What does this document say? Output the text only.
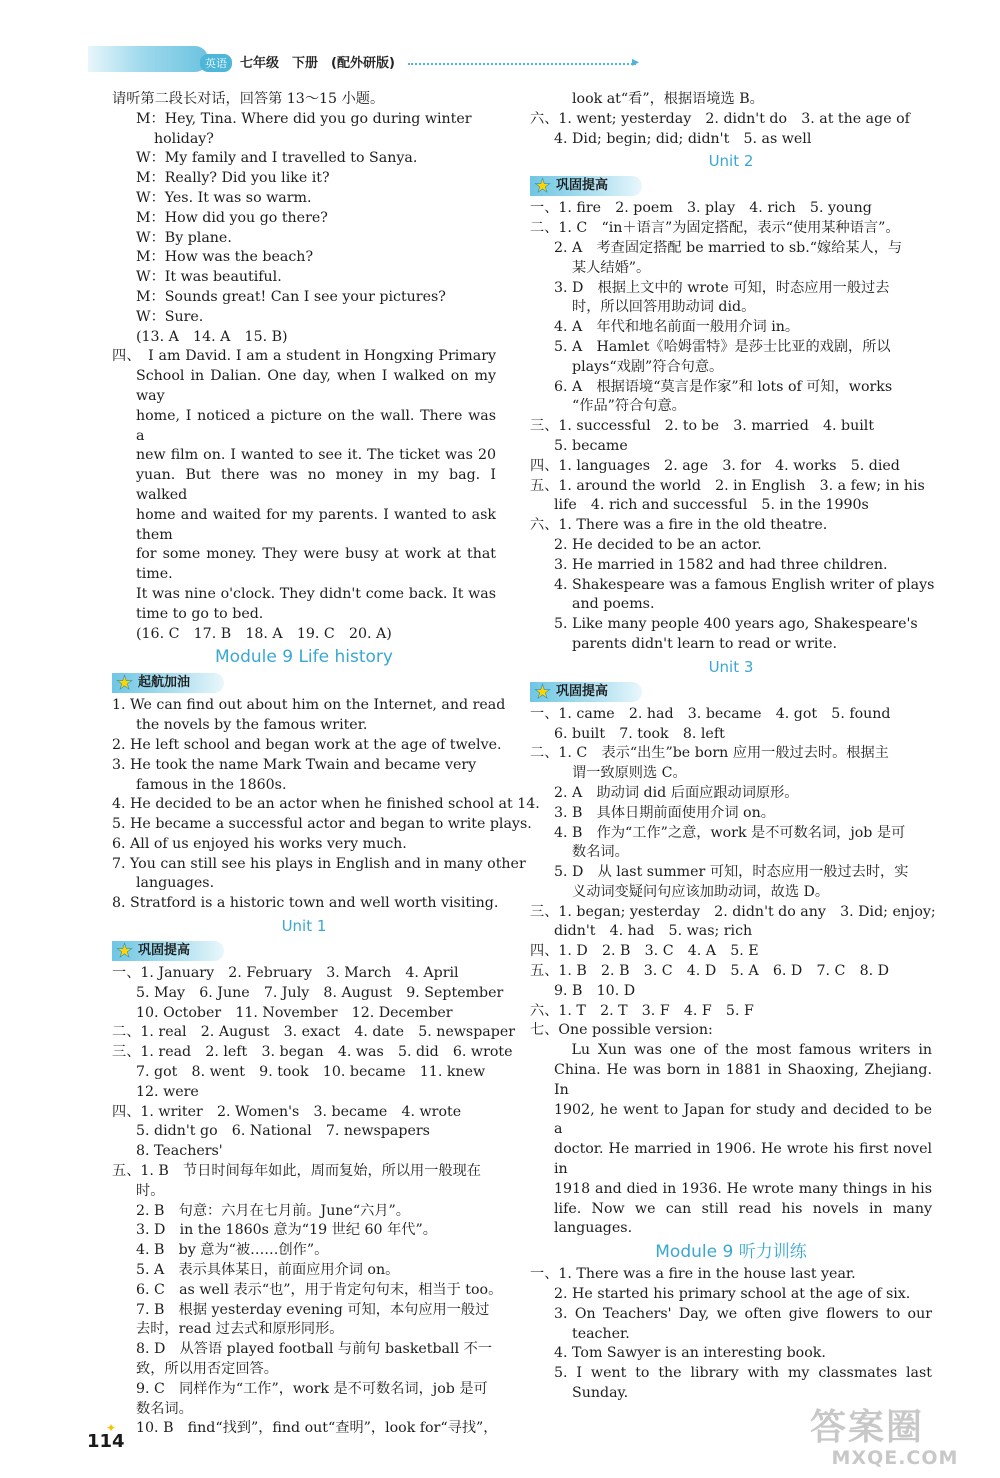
英语	七年级　下册　(配外研版)	▸
请听第二段长对话，回答第 13～15 小题。
M：Hey, Tina. Where did you go during winter
holiday?
W：My family and I travelled to Sanya.
M：Really? Did you like it?
W：Yes. It was so warm.
M：How did you go there?
W：By plane.
M：How was the beach?
W：It was beautiful.
M：Sounds great! Can I see your pictures?
W：Sure.
(13. A　14. A　15. B)
四、　I am David. I am a student in Hongxing Primary
School in Dalian. One day, when I walked on my way
home, I noticed a picture on the wall. There was a
new film on. I wanted to see it. The ticket was 20
yuan. But there was no money in my bag. I walked
home and waited for my parents. I wanted to ask them
for some money. They were busy at work at that time.
It was nine o'clock. They didn't come back. It was
time to go to bed.
(16. C　17. B　18. A　19. C　20. A)
Module 9 Life history
★ 起航加油
1. We can find out about him on the Internet, and read
the novels by the famous writer.
2. He left school and began work at the age of twelve.
3. He took the name Mark Twain and became very
famous in the 1860s.
4. He decided to be an actor when he finished school at 14.
5. He became a successful actor and began to write plays.
6. All of us enjoyed his works very much.
7. You can still see his plays in English and in many other
languages.
8. Stratford is a historic town and well worth visiting.
Unit 1
★ 巩固提高
一、1. January　2. February　3. March　4. April
5. May　6. June　7. July　8. August　9. September
10. October　11. November　12. December
二、1. real　2. August　3. exact　4. date　5. newspaper
三、1. read　2. left　3. began　4. was　5. did　6. wrote
7. got　8. went　9. took　10. became　11. knew
12. were
四、1. writer　2. Women's　3. became　4. wrote
5. didn't go　6. National　7. newspapers
8. Teachers'
五、1. B　节日时间每年如此，周而复始，所以用一般现在
时。
2. B　句意：六月在七月前。June“六月”。
3. D　in the 1860s 意为“19 世纪 60 年代”。
4. B　by 意为“被……创作”。
5. A　表示具体某日，前面应用介词 on。
6. C　as well 表示“也”，用于肯定句句末，相当于 too。
7. B　根据 yesterday evening 可知，本句应用一般过
去时，read 过去式和原形同形。
8. D　从答语 played football 与前句 basketball 不一
致，所以用否定回答。
9. C　同样作为“工作”，work 是不可数名词，job 是可
数名词。
10. B　find“找到”，find out“查明”，look for“寻找”，
look at“看”，根据语境选 B。
六、1. went; yesterday　2. didn't do　3. at the age of
4. Did; begin; did; didn't　5. as well
Unit 2
★ 巩固提高
一、1. fire　2. poem　3. play　4. rich　5. young
二、1. C　“in＋语言”为固定搭配，表示“使用某种语言”。
2. A　考查固定搭配 be married to sb.“嫁给某人，与
某人结婚”。
3. D　根据上文中的 wrote 可知，时态应用一般过去
时，所以回答用助动词 did。
4. A　年代和地名前面一般用介词 in。
5. A　Hamlet《哈姆雷特》是莎士比亚的戏剧，所以
plays“戏剧”符合句意。
6. A　根据语境“莫言是作家”和 lots of 可知，works
“作品”符合句意。
三、1. successful　2. to be　3. married　4. built
5. became
四、1. languages　2. age　3. for　4. works　5. died
五、1. around the world　2. in English　3. a few; in his
life　4. rich and successful　5. in the 1990s
六、1. There was a fire in the old theatre.
2. He decided to be an actor.
3. He married in 1582 and had three children.
4. Shakespeare was a famous English writer of plays
and poems.
5. Like many people 400 years ago, Shakespeare's
parents didn't learn to read or write.
Unit 3
★ 巩固提高
一、1. came　2. had　3. became　4. got　5. found
6. built　7. took　8. left
二、1. C　表示“出生”be born 应用一般过去时。根据主
谓一致原则选 C。
2. A　助动词 did 后面应跟动词原形。
3. B　具体日期前面使用介词 on。
4. B　作为“工作”之意，work 是不可数名词，job 是可
数名词。
5. D　从 last summer 可知，时态应用一般过去时，实
义动词变疑问句应该加助动词，故选 D。
三、1. began; yesterday　2. didn't do any　3. Did; enjoy;
didn't　4. had　5. was; rich
四、1. D　2. B　3. C　4. A　5. E
五、1. B　2. B　3. C　4. D　5. A　6. D　7. C　8. D
9. B　10. D
六、1. T　2. T　3. F　4. F　5. F
七、One possible version:
　Lu Xun was one of the most famous writers in
China. He was born in 1881 in Shaoxing, Zhejiang. In
1902, he went to Japan for study and decided to be a
doctor. He married in 1906. He wrote his first novel in
1918 and died in 1936. He wrote many things in his
life. Now we can still read his novels in many
languages.
Module 9 听力训练
一、1. There was a fire in the house last year.
2. He started his primary school at the age of six.
3. On Teachers' Day, we often give flowers to our
teacher.
4. Tom Sawyer is an interesting book.
5. I went to the library with my classmates last
Sunday.
✦
114	答案圈
MXQE.COM
